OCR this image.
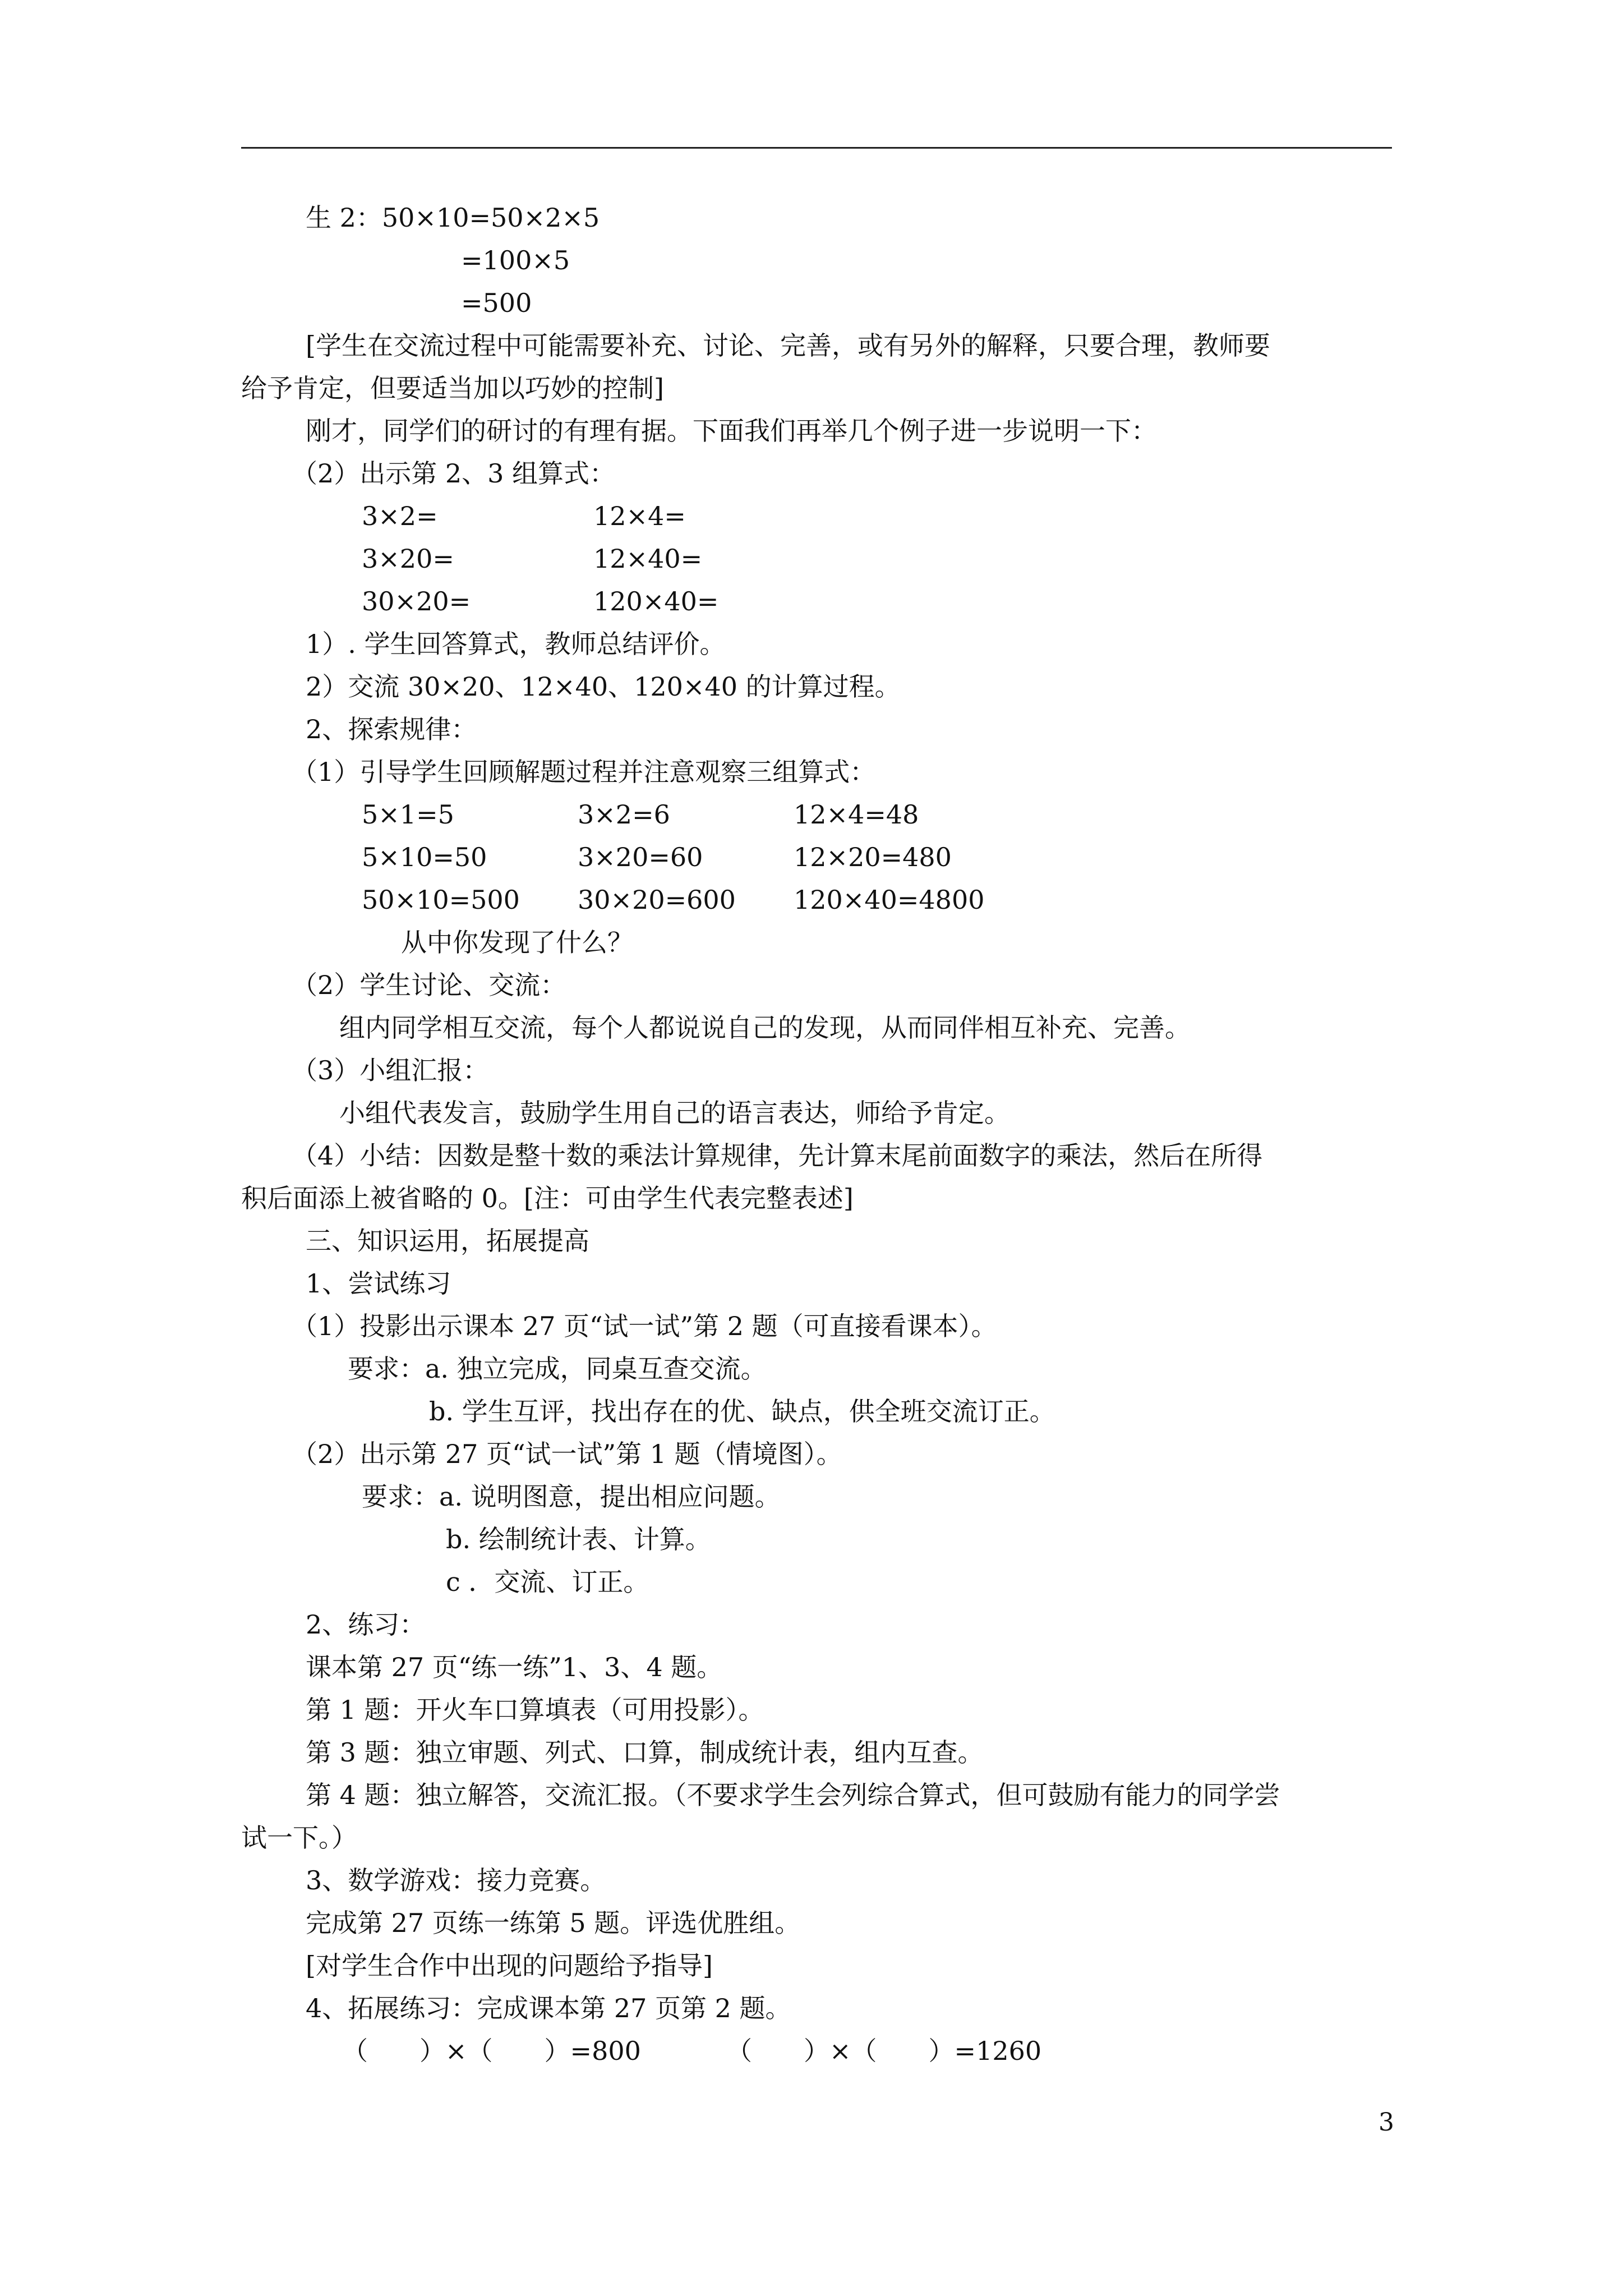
生 2：50×10=50×2×5

=100×5

=500

[学生在交流过程中可能需要补充、讨论、完善，或有另外的解释，只要合理，教师要

给予肯定，但要适当加以巧妙的控制]

刚才，同学们的研讨的有理有据。下面我们再举几个例子进一步说明一下：

（2）出示第 2、3 组算式：

3×2=	12×4=

3×20=	12×40=

30×20=	120×40=

1）. 学生回答算式，教师总结评价。

2）交流 30×20、12×40、120×40 的计算过程。

2、探索规律：

（1）引导学生回顾解题过程并注意观察三组算式：

5×1=5	3×2=6	12×4=48

5×10=50	3×20=60	12×20=480

50×10=500 30×20=600 120×40=4800

从中你发现了什么？

（2）学生讨论、交流：

组内同学相互交流，每个人都说说自己的发现，从而同伴相互补充、完善。

（3）小组汇报：

小组代表发言，鼓励学生用自己的语言表达，师给予肯定。

（4）小结：因数是整十数的乘法计算规律，先计算末尾前面数字的乘法，然后在所得

积后面添上被省略的 0。[注：可由学生代表完整表述]

三、知识运用，拓展提高

1、尝试练习

（1）投影出示课本 27 页“试一试”第 2 题（可直接看课本）。

要求：a. 独立完成，同桌互查交流。

b. 学生互评，找出存在的优、缺点，供全班交流订正。

（2）出示第 27 页“试一试”第 1 题（情境图）。

要求：a. 说明图意，提出相应问题。

b. 绘制统计表、计算。

c ．交流、订正。

2、练习：

课本第 27 页“练一练”1、3、4 题。

第 1 题：开火车口算填表（可用投影）。

第 3 题：独立审题、列式、口算，制成统计表，组内互查。

第 4 题：独立解答，交流汇报。（不要求学生会列综合算式，但可鼓励有能力的同学尝

试一下。）

3、数学游戏：接力竞赛。

完成第 27 页练一练第 5 题。评选优胜组。

[对学生合作中出现的问题给予指导]

4、拓展练习：完成课本第 27 页第 2 题。

（　　）×（　　）=800	（　　）×（　　）=1260

3
